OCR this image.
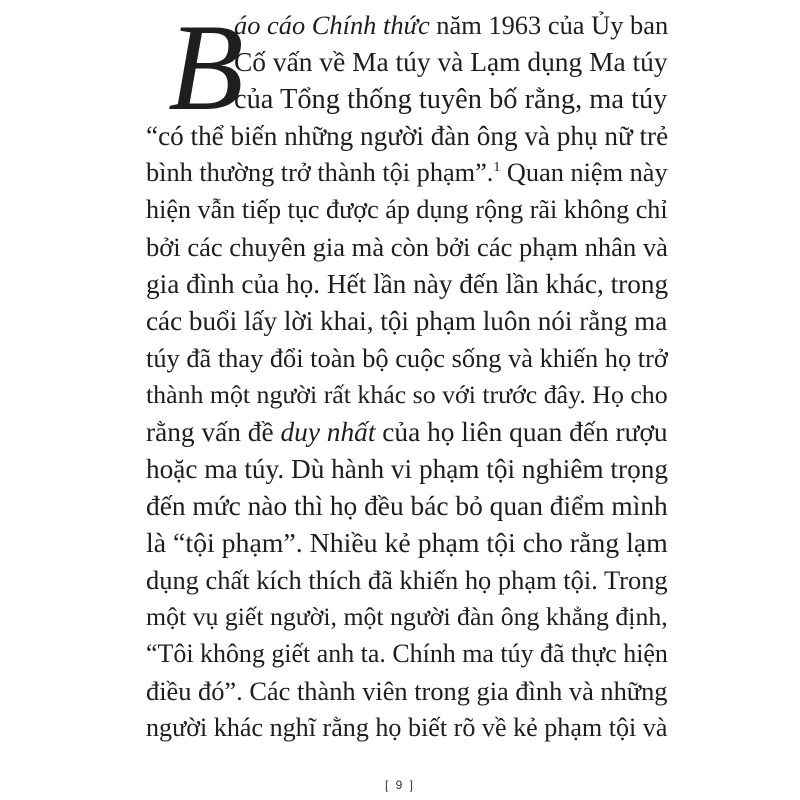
B
áo cáo Chính thức năm 1963 của Ủy ban
Cố vấn về Ma túy và Lạm dụng Ma túy
của Tổng thống tuyên bố rằng, ma túy
“có thể biến những người đàn ông và phụ nữ trẻ
bình thường trở thành tội phạm”.$^1$ Quan niệm này
hiện vẫn tiếp tục được áp dụng rộng rãi không chỉ
bởi các chuyên gia mà còn bởi các phạm nhân và
gia đình của họ. Hết lần này đến lần khác, trong
các buổi lấy lời khai, tội phạm luôn nói rằng ma
túy đã thay đổi toàn bộ cuộc sống và khiến họ trở
thành một người rất khác so với trước đây. Họ cho
rằng vấn đề duy nhất của họ liên quan đến rượu
hoặc ma túy. Dù hành vi phạm tội nghiêm trọng
đến mức nào thì họ đều bác bỏ quan điểm mình
là “tội phạm”. Nhiều kẻ phạm tội cho rằng lạm
dụng chất kích thích đã khiến họ phạm tội. Trong
một vụ giết người, một người đàn ông khẳng định,
“Tôi không giết anh ta. Chính ma túy đã thực hiện
điều đó”. Các thành viên trong gia đình và những
người khác nghĩ rằng họ biết rõ về kẻ phạm tội và
[ 9 ]
